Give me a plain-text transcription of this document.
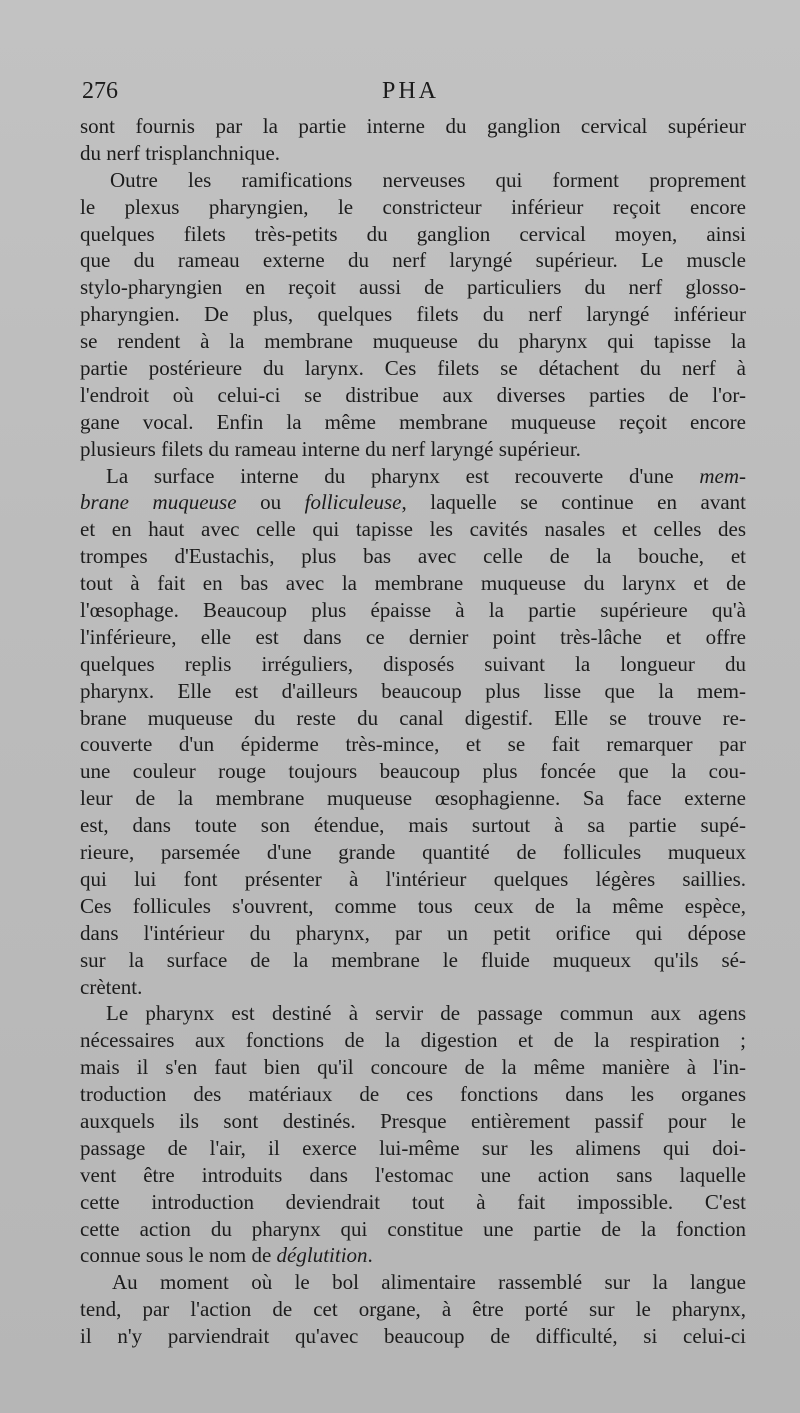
276	PHA
sont fournis par la partie interne du ganglion cervical supérieur
du nerf trisplanchnique.
Outre les ramifications nerveuses qui forment proprement
le plexus pharyngien, le constricteur inférieur reçoit encore
quelques filets très-petits du ganglion cervical moyen, ainsi
que du rameau externe du nerf laryngé supérieur. Le muscle
stylo-pharyngien en reçoit aussi de particuliers du nerf glosso-
pharyngien. De plus, quelques filets du nerf laryngé inférieur
se rendent à la membrane muqueuse du pharynx qui tapisse la
partie postérieure du larynx. Ces filets se détachent du nerf à
l'endroit où celui-ci se distribue aux diverses parties de l'or-
gane vocal. Enfin la même membrane muqueuse reçoit encore
plusieurs filets du rameau interne du nerf laryngé supérieur.
La surface interne du pharynx est recouverte d'une mem-
brane muqueuse ou folliculeuse, laquelle se continue en avant
et en haut avec celle qui tapisse les cavités nasales et celles des
trompes d'Eustachis, plus bas avec celle de la bouche, et
tout à fait en bas avec la membrane muqueuse du larynx et de
l'œsophage. Beaucoup plus épaisse à la partie supérieure qu'à
l'inférieure, elle est dans ce dernier point très-lâche et offre
quelques replis irréguliers, disposés suivant la longueur du
pharynx. Elle est d'ailleurs beaucoup plus lisse que la mem-
brane muqueuse du reste du canal digestif. Elle se trouve re-
couverte d'un épiderme très-mince, et se fait remarquer par
une couleur rouge toujours beaucoup plus foncée que la cou-
leur de la membrane muqueuse œsophagienne. Sa face externe
est, dans toute son étendue, mais surtout à sa partie supé-
rieure, parsemée d'une grande quantité de follicules muqueux
qui lui font présenter à l'intérieur quelques légères saillies.
Ces follicules s'ouvrent, comme tous ceux de la même espèce,
dans l'intérieur du pharynx, par un petit orifice qui dépose
sur la surface de la membrane le fluide muqueux qu'ils sé-
crètent.
Le pharynx est destiné à servir de passage commun aux agens
nécessaires aux fonctions de la digestion et de la respiration ;
mais il s'en faut bien qu'il concoure de la même manière à l'in-
troduction des matériaux de ces fonctions dans les organes
auxquels ils sont destinés. Presque entièrement passif pour le
passage de l'air, il exerce lui-même sur les alimens qui doi-
vent être introduits dans l'estomac une action sans laquelle
cette introduction deviendrait tout à fait impossible. C'est
cette action du pharynx qui constitue une partie de la fonction
connue sous le nom de déglutition.
Au moment où le bol alimentaire rassemblé sur la langue
tend, par l'action de cet organe, à être porté sur le pharynx,
il n'y parviendrait qu'avec beaucoup de difficulté, si celui-ci
